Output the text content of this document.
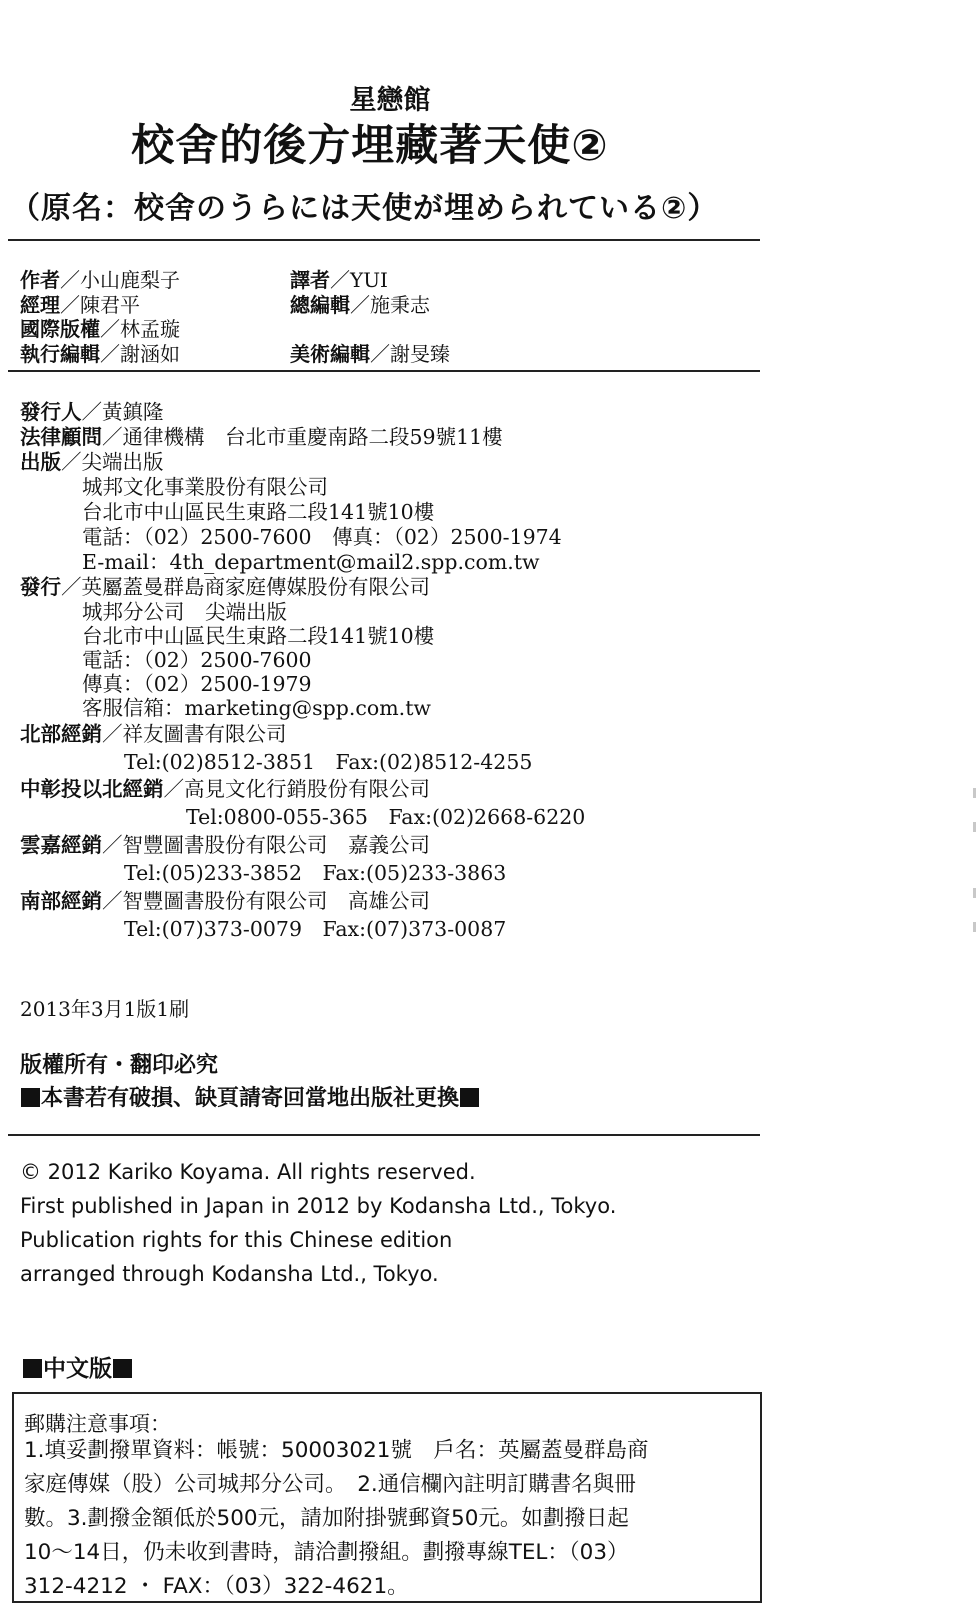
星戀館
校舍的後方埋藏著天使②
（原名：校舍のうらには天使が埋められている②）
作者／小山鹿梨子	譯者／YUI
經理／陳君平	總編輯／施秉志
國際版權／林孟璇
執行編輯／謝涵如	美術編輯／謝旻臻
發行人／黃鎮隆
法律顧問／通律機構　台北市重慶南路二段59號11樓
出版／尖端出版
城邦文化事業股份有限公司
台北市中山區民生東路二段141號10樓
電話：（02）2500-7600　傳真：（02）2500-1974
E-mail：4th_department@mail2.spp.com.tw
發行／英屬蓋曼群島商家庭傳媒股份有限公司
城邦分公司　尖端出版
台北市中山區民生東路二段141號10樓
電話：（02）2500-7600
傳真：（02）2500-1979
客服信箱：marketing@spp.com.tw
北部經銷／祥友圖書有限公司
Tel:(02)8512-3851　Fax:(02)8512-4255
中彰投以北經銷／高見文化行銷股份有限公司
Tel:0800-055-365　Fax:(02)2668-6220
雲嘉經銷／智豐圖書股份有限公司　嘉義公司
Tel:(05)233-3852　Fax:(05)233-3863
南部經銷／智豐圖書股份有限公司　高雄公司
Tel:(07)373-0079　Fax:(07)373-0087
2013年3月1版1刷
版權所有・翻印必究
本書若有破損、缺頁請寄回當地出版社更換
© 2012 Kariko Koyama. All rights reserved.
First published in Japan in 2012 by Kodansha Ltd., Tokyo.
Publication rights for this Chinese edition
arranged through Kodansha Ltd., Tokyo.
中文版
郵購注意事項：
1.填妥劃撥單資料：帳號：50003021號　戶名：英屬蓋曼群島商
家庭傳媒（股）公司城邦分公司。　2.通信欄內註明訂購書名與冊
數。3.劃撥金額低於500元，請加附掛號郵資50元。如劃撥日起
10～14日，仍未收到書時，請洽劃撥組。劃撥專線TEL：（03）
312-4212 ・ FAX：（03）322-4621。
